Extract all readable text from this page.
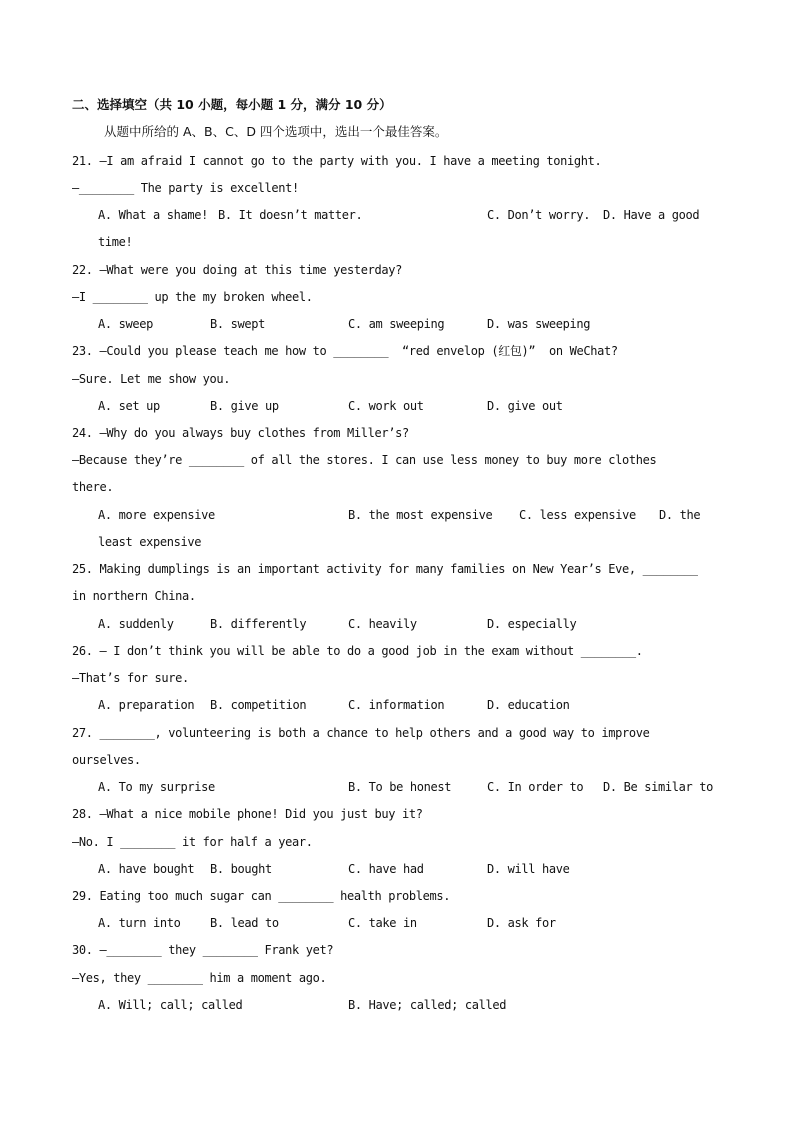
二、选择填空（共 10 小题，每小题 1 分，满分 10 分）
从题中所给的 A、B、C、D 四个选项中，选出一个最佳答案。
21. —I am afraid I cannot go to the party with you. I have a meeting tonight.
—________ The party is excellent!
A. What a shame! B. It doesn’t matter.	C. Don’t worry. D. Have a good
time!
22. —What were you doing at this time yesterday?
—I ________ up the my broken wheel.
A. sweep	B. swept	C. am sweeping	D. was sweeping
23. —Could you please teach me how to ________  “red envelop (红包)”  on WeChat?
—Sure. Let me show you.
A. set up	B. give up	C. work out	D. give out
24. —Why do you always buy clothes from Miller’s?
—Because they’re ________ of all the stores. I can use less money to buy more clothes
there.
A. more expensive	B. the most expensive C. less expensive D. the
least expensive
25. Making dumplings is an important activity for many families on New Year’s Eve, ________
in northern China.
A. suddenly	B. differently	C. heavily	D. especially
26. — I don’t think you will be able to do a good job in the exam without ________.
—That’s for sure.
A. preparation B. competition	C. information	D. education
27. ________, volunteering is both a chance to help others and a good way to improve
ourselves.
A. To my surprise	B. To be honest	C. In order to D. Be similar to
28. —What a nice mobile phone! Did you just buy it?
—No. I ________ it for half a year.
A. have bought B. bought	C. have had	D. will have
29. Eating too much sugar can ________ health problems.
A. turn into B. lead to	C. take in	D. ask for
30. —________ they ________ Frank yet?
—Yes, they ________ him a moment ago.
A. Will; call; called	B. Have; called; called
